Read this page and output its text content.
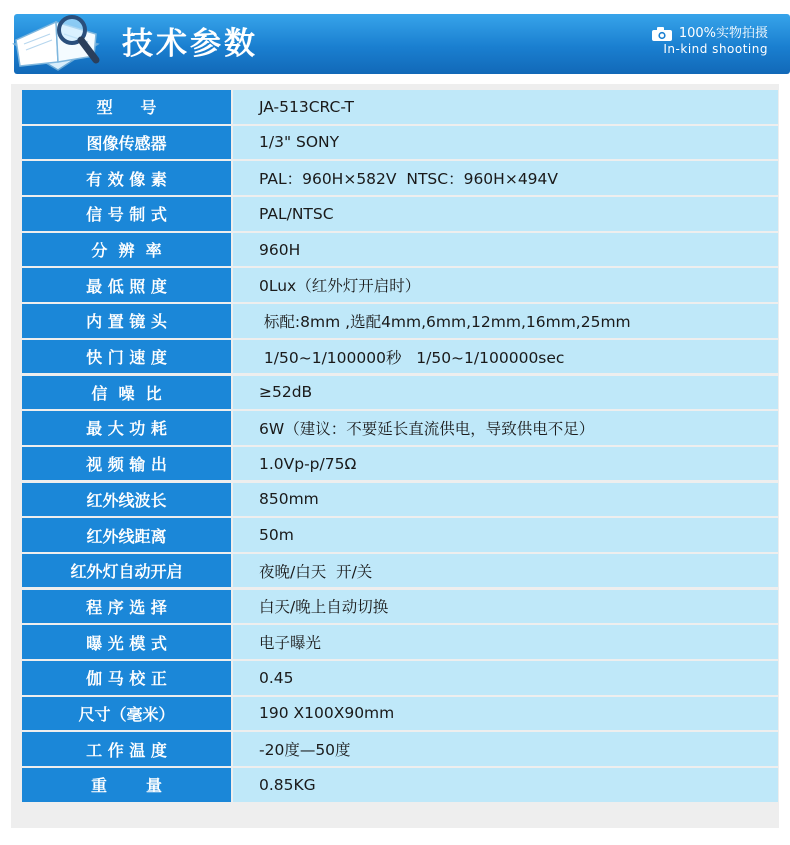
技术参数	100%实物拍摄
In-kind shooting
型     号	JA-513CRC-T
图像传感器	1/3" SONY
有 效 像 素	PAL：960H×582V  NTSC：960H×494V
信 号 制 式	PAL/NTSC
分  辨  率	960H
最 低 照 度	0Lux（红外灯开启时）
内 置 镜 头	标配:8mm ,选配4mm,6mm,12mm,16mm,25mm
快 门 速 度	1/50~1/100000秒   1/50~1/100000sec
信  噪  比	≥52dB
最 大 功 耗	6W（建议：不要延长直流供电，导致供电不足）
视 频 输 出	1.0Vp-p/75Ω
红外线波长	850mm
红外线距离	50m
红外灯自动开启	夜晚/白天  开/关
程 序 选 择	白天/晚上自动切换
曝 光 模 式	电子曝光
伽 马 校 正	0.45
尺寸（毫米）	190 X100X90mm
工 作 温 度	-20度—50度
重       量	0.85KG
